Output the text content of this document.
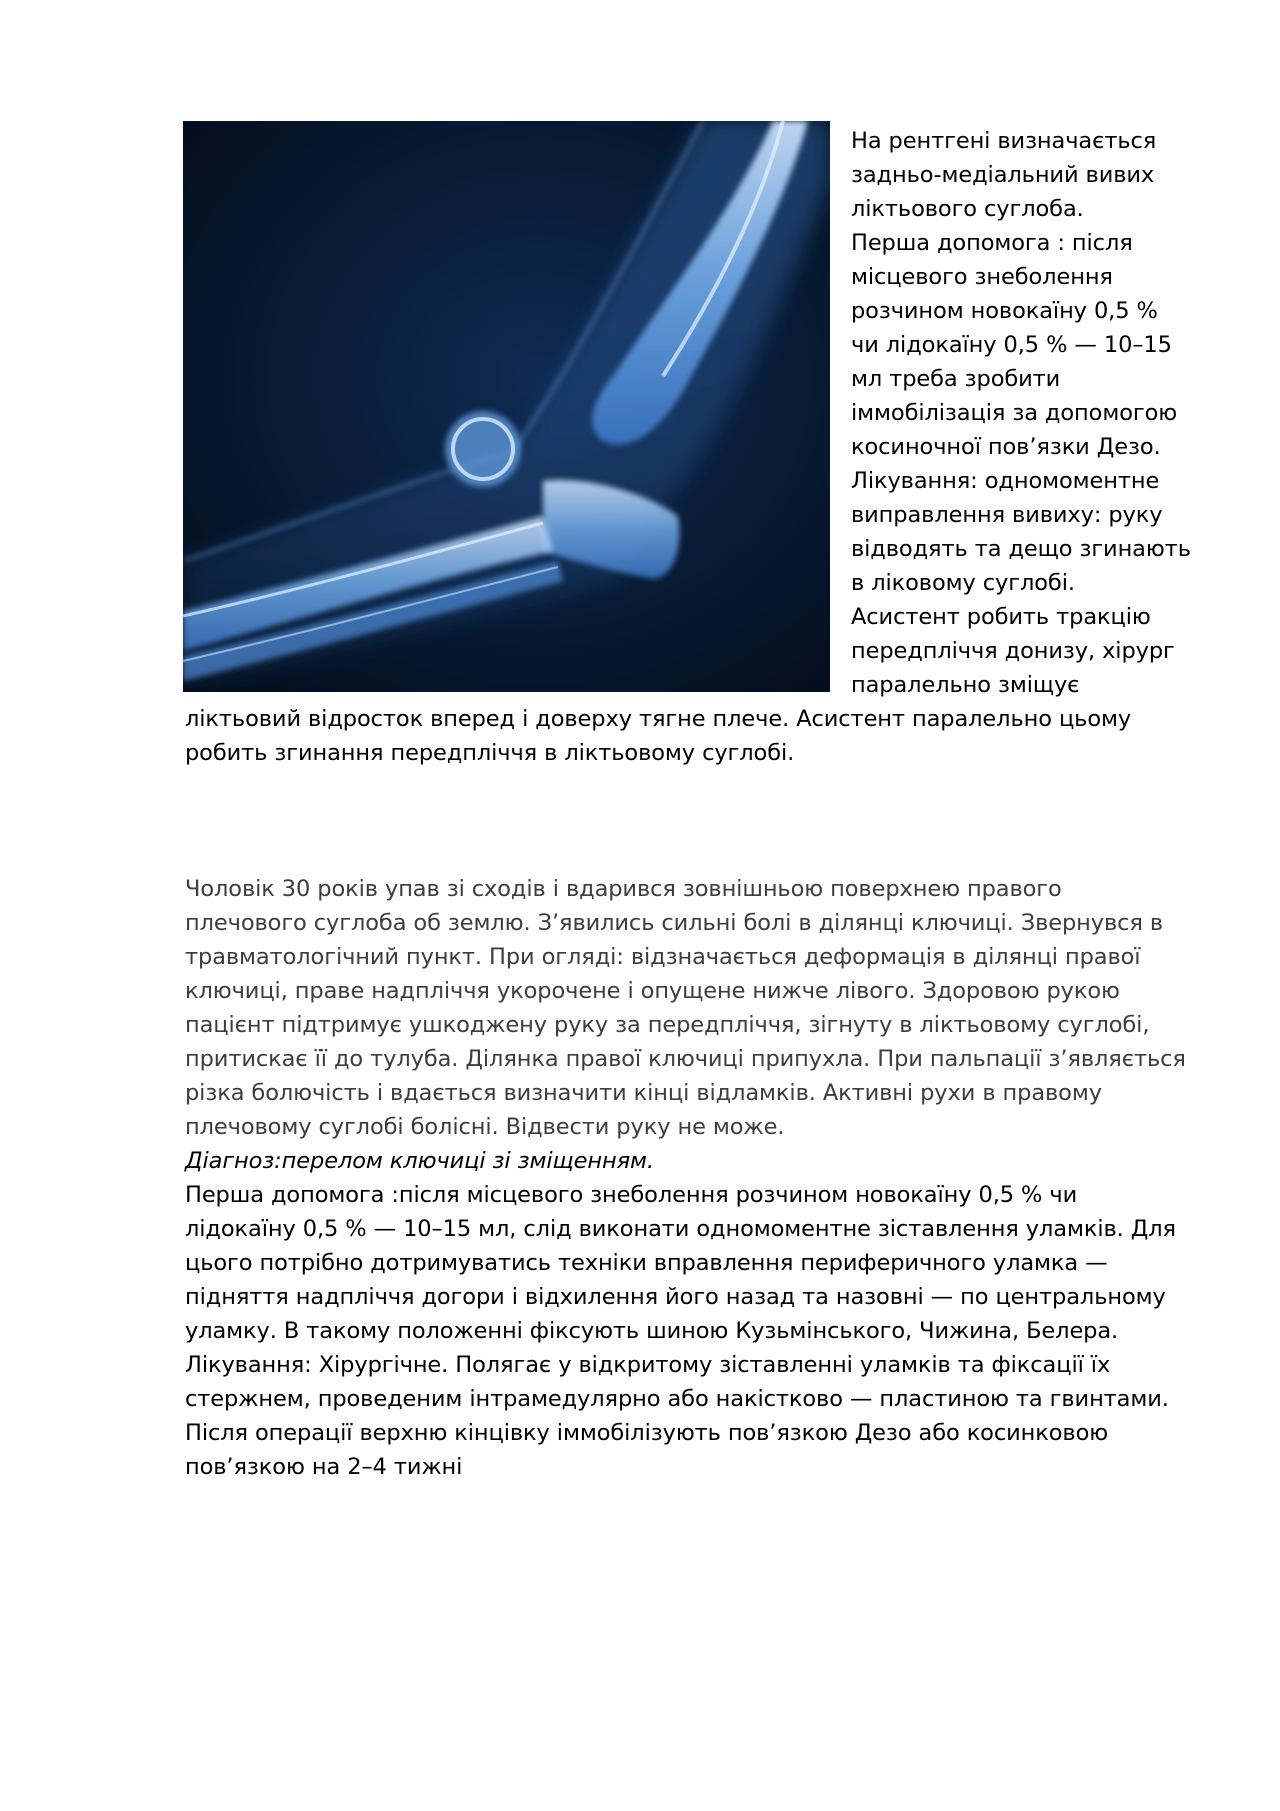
На рентгені визначається
задньо-медіальний вивих
ліктьового суглоба.
Перша допомога : після
місцевого знеболення
розчином новокаїну 0,5 %
чи лідокаїну 0,5 % — 10–15
мл треба зробити
іммобілізація за допомогою
косиночної пов’язки Дезо.
Лікування: одномоментне
виправлення вивиху: руку
відводять та дещо згинають
в ліковому суглобі.
Асистент робить тракцію
передпліччя донизу, хірург
паралельно зміщує
ліктьовий відросток вперед і доверху тягне плече. Асистент паралельно цьому
робить згинання передпліччя в ліктьовому суглобі.
Чоловік 30 років упав зі сходів і вдарився зовнішньою поверхнею правого
плечового суглоба об землю. З’явились сильні болі в ділянці ключиці. Звернувся в
травматологічний пункт. При огляді: відзначається деформація в ділянці правої
ключиці, праве надпліччя укорочене і опущене нижче лівого. Здоровою рукою
пацієнт підтримує ушкоджену руку за передпліччя, зігнуту в ліктьовому суглобі,
притискає її до тулуба. Ділянка правої ключиці припухла. При пальпації з’являється
різка болючість і вдається визначити кінці відламків. Активні рухи в правому
плечовому суглобі болісні. Відвести руку не може.
Діагноз:перелом ключиці зі зміщенням.
Перша допомога :після місцевого знеболення розчином новокаїну 0,5 % чи
лідокаїну 0,5 % — 10–15 мл, слід виконати одномоментне зіставлення уламків. Для
цього потрібно дотримуватись техніки вправлення периферичного уламка —
підняття надпліччя догори і відхилення його назад та назовні — по центральному
уламку. В такому положенні фіксують шиною Кузьмінського, Чижина, Белера.
Лікування: Хірургічне. Полягає у відкритому зіставленні уламків та фіксації їх
стержнем, проведеним інтрамедулярно або накістково — пластиною та гвинтами.
Після операції верхню кінцівку іммобілізують пов’язкою Дезо або косинковою
пов’язкою на 2–4 тижні
